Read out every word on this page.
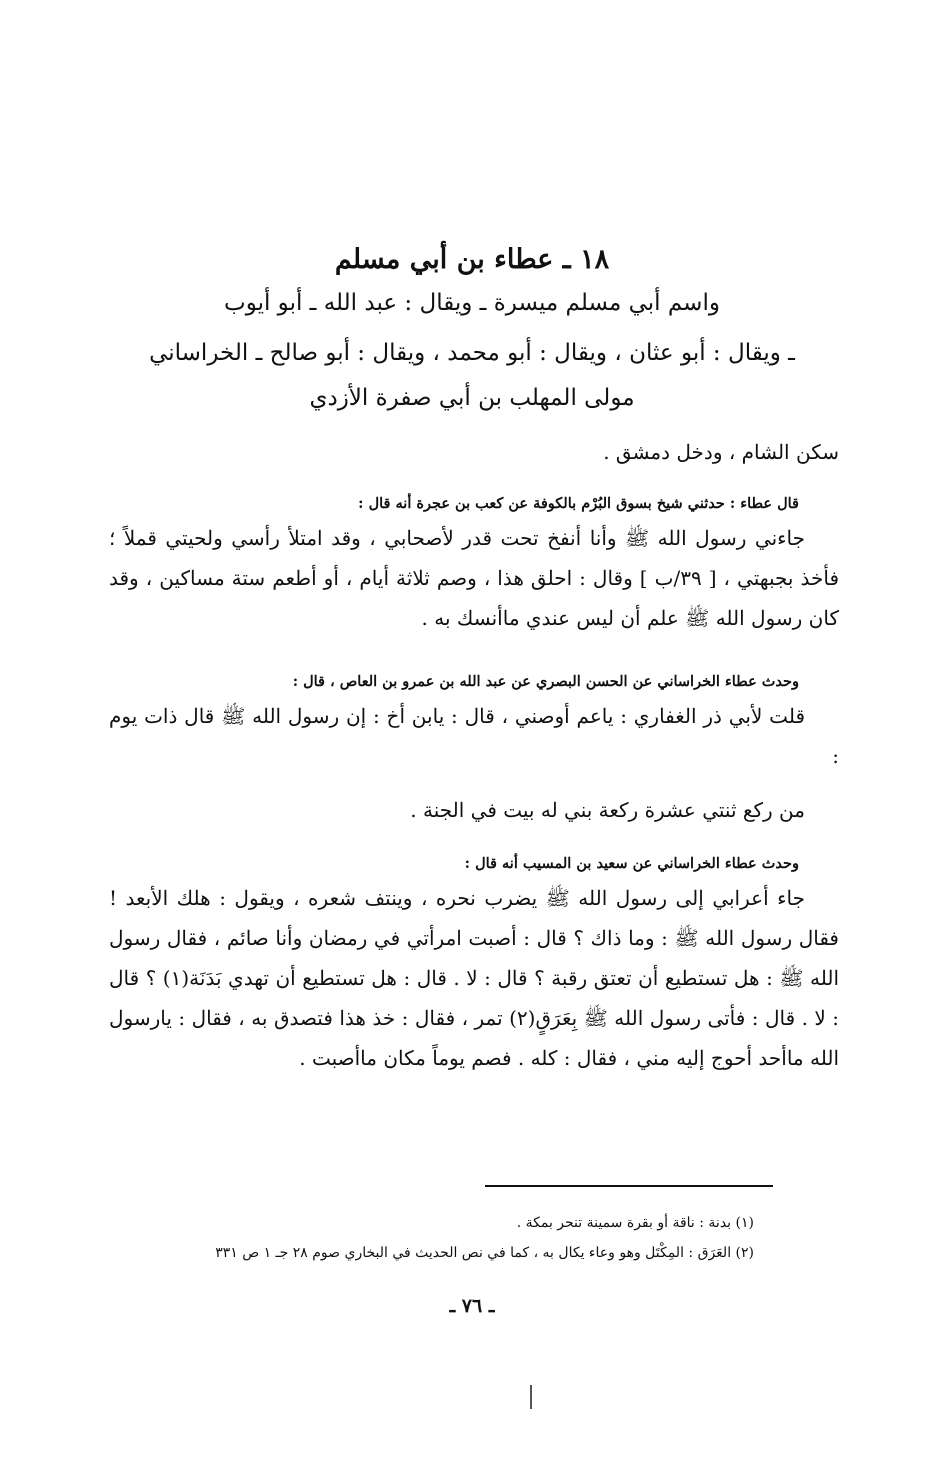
١٨ ـ عطاء بن أبي مسلم
واسم أبي مسلم ميسرة ـ ويقال : عبد الله ـ أبو أيوب
ـ ويقال : أبو عثان ، ويقال : أبو محمد ، ويقال : أبو صالح ـ الخراساني
مولى المهلب بن أبي صفرة الأزدي

سكن الشام ، ودخل دمشق .

قال عطاء : حدثني شيخ بسوق البُرْم بالكوفة عن كعب بن عجرة أنه قال :

جاءني رسول الله ﷺ وأنا أنفخ تحت قدر لأصحابي ، وقد امتلأ رأسي ولحيتي قملاً ؛ فأخذ بجبهتي ، [ ٣٩/ب ] وقال : احلق هذا ، وصم ثلاثة أيام ، أو أطعم ستة مساكين ، وقد كان رسول الله ﷺ علم أن ليس عندي ماأنسك به .

وحدث عطاء الخراساني عن الحسن البصري عن عبد الله بن عمرو بن العاص ، قال :

قلت لأبي ذر الغفاري : ياعم أوصني ، قال : يابن أخ : إن رسول الله ﷺ قال ذات يوم :

من ركع ثنتي عشرة ركعة بني له بيت في الجنة .

وحدث عطاء الخراساني عن سعيد بن المسيب أنه قال :

جاء أعرابي إلى رسول الله ﷺ يضرب نحره ، وينتف شعره ، ويقول : هلك الأبعد ! فقال رسول الله ﷺ : وما ذاك ؟ قال : أصبت امرأتي في رمضان وأنا صائم ، فقال رسول الله ﷺ : هل تستطيع أن تعتق رقبة ؟ قال : لا . قال : هل تستطيع أن تهدي بَدَنَة(١) ؟ قال : لا . قال : فأتى رسول الله ﷺ بِعَرَقٍ(٢) تمر ، فقال : خذ هذا فتصدق به ، فقال : يارسول الله ماأحد أحوج إليه مني ، فقال : كله . فصم يوماً مكان ماأصبت .

(١) بدنة : ناقة أو بقرة سمينة تنحر بمكة .

(٢) العَرَق : المِكْتَل وهو وعاء يكال به ، كما في نص الحديث في البخاري صوم ٢٨ جـ ١ ص ٣٣١

ـ ٧٦ ـ
